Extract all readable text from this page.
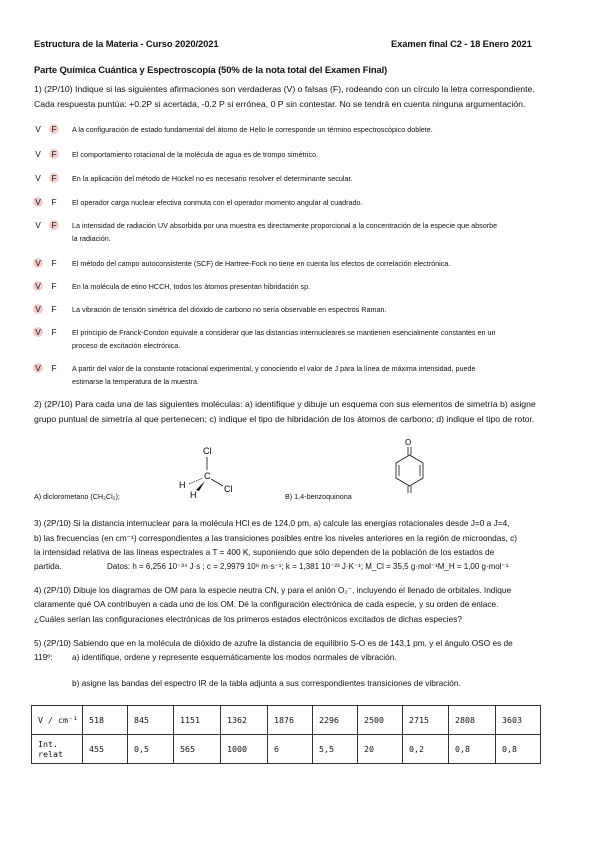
Estructura de la Materia - Curso 2020/2021	Examen final C2 - 18 Enero 2021
Parte Química Cuántica y Espectroscopía (50% de la nota total del Examen Final)
1) (2P/10) Indique si las siguientes afirmaciones son verdaderas (V) o falsas (F), rodeando con un círculo la letra correspondiente.
Cada respuesta puntúa: +0.2P si acertada, -0.2 P si errónea, 0 P sin contestar. No se tendrá en cuenta ninguna argumentación.
V F	A la configuración de estado fundamental del átomo de Helio le corresponde un término espectroscópico doblete.
V F	El comportamiento rotacional de la molécula de agua es de trompo simétrico.
V F	En la aplicación del método de Hückel no es necesario resolver el determinante secular.
V F	El operador carga nuclear efectiva conmuta con el operador momento angular al cuadrado.
V F	La intensidad de radiación UV absorbida por una muestra es directamente proporcional a la concentración de la especie que absorbe
la radiación.
V F	El método del campo autoconsistente (SCF) de Hartree-Fock no tiene en cuenta los efectos de correlación electrónica.
V F	En la molécula de etino HCCH, todos los átomos presentan hibridación sp.
V F	La vibración de tensión simétrica del dióxido de carbono no sería observable en espectros Raman.
V F	El principio de Franck-Condon equivale a considerar que las distancias internucleares se mantienen esencialmente constantes en un
proceso de excitación electrónica.
V F	A partir del valor de la constante rotacional experimental, y conociendo el valor de J para la línea de máxima intensidad, puede
estimarse la temperatura de la muestra.
2) (2P/10) Para cada una de las siguientes moléculas: a) identifique y dibuje un esquema con sus elementos de simetría b) asigne
grupo puntual de simetría al que pertenecen; c) indique el tipo de hibridación de los átomos de carbono; d) indique el tipo de rotor.
Cl
C
H
H
Cl
A) diclorometano (CH₂Cl₂);
O
B) 1,4-benzoquinona
3) (2P/10) Si la distancia internuclear para la molécula HCl es de 124,0 pm, a) calcule las energías rotacionales desde J=0 a J=4,
b) las frecuencias (en cm⁻¹) correspondientes a las transiciones posibles entre los niveles anteriores en la región de microondas, c)
la intensidad relativa de las líneas espectrales a T = 400 K, suponiendo que sólo dependen de la población de los estados de
partida.	Datos: h = 6,256 10⁻³⁴ J·s ; c = 2,9979 10⁸ m·s⁻¹; k = 1,381 10⁻²³ J·K⁻¹; M_Cl = 35,5 g·mol⁻¹M_H = 1,00 g·mol⁻¹
4) (2P/10) Dibuje los diagramas de OM para la especie neutra CN, y para el anión O₂⁻, incluyendo el llenado de orbitales. Indique
claramente qué OA contribuyen a cada uno de los OM. Dé la configuración electrónica de cada especie, y su orden de enlace.
¿Cuáles serían las configuraciones electrónicas de los primeros estados electrónicos excitados de dichas especies?
5) (2P/10) Sabiendo que en la molécula de dióxido de azufre la distancia de equilibrio S-O es de 143,1 pm, y el ángulo OSO es de
119º: a) identifique, ordene y represente esquemáticamente los modos normales de vibración.
b) asigne las bandas del espectro IR de la tabla adjunta a sus correspondientes transiciones de vibración.
V / cm⁻¹	518	845	1151	1362	1876	2296	2500	2715	2808	3603
Int. relat	455	0,5	565	1000	6	5,5	20	0,2	0,8	0,8
